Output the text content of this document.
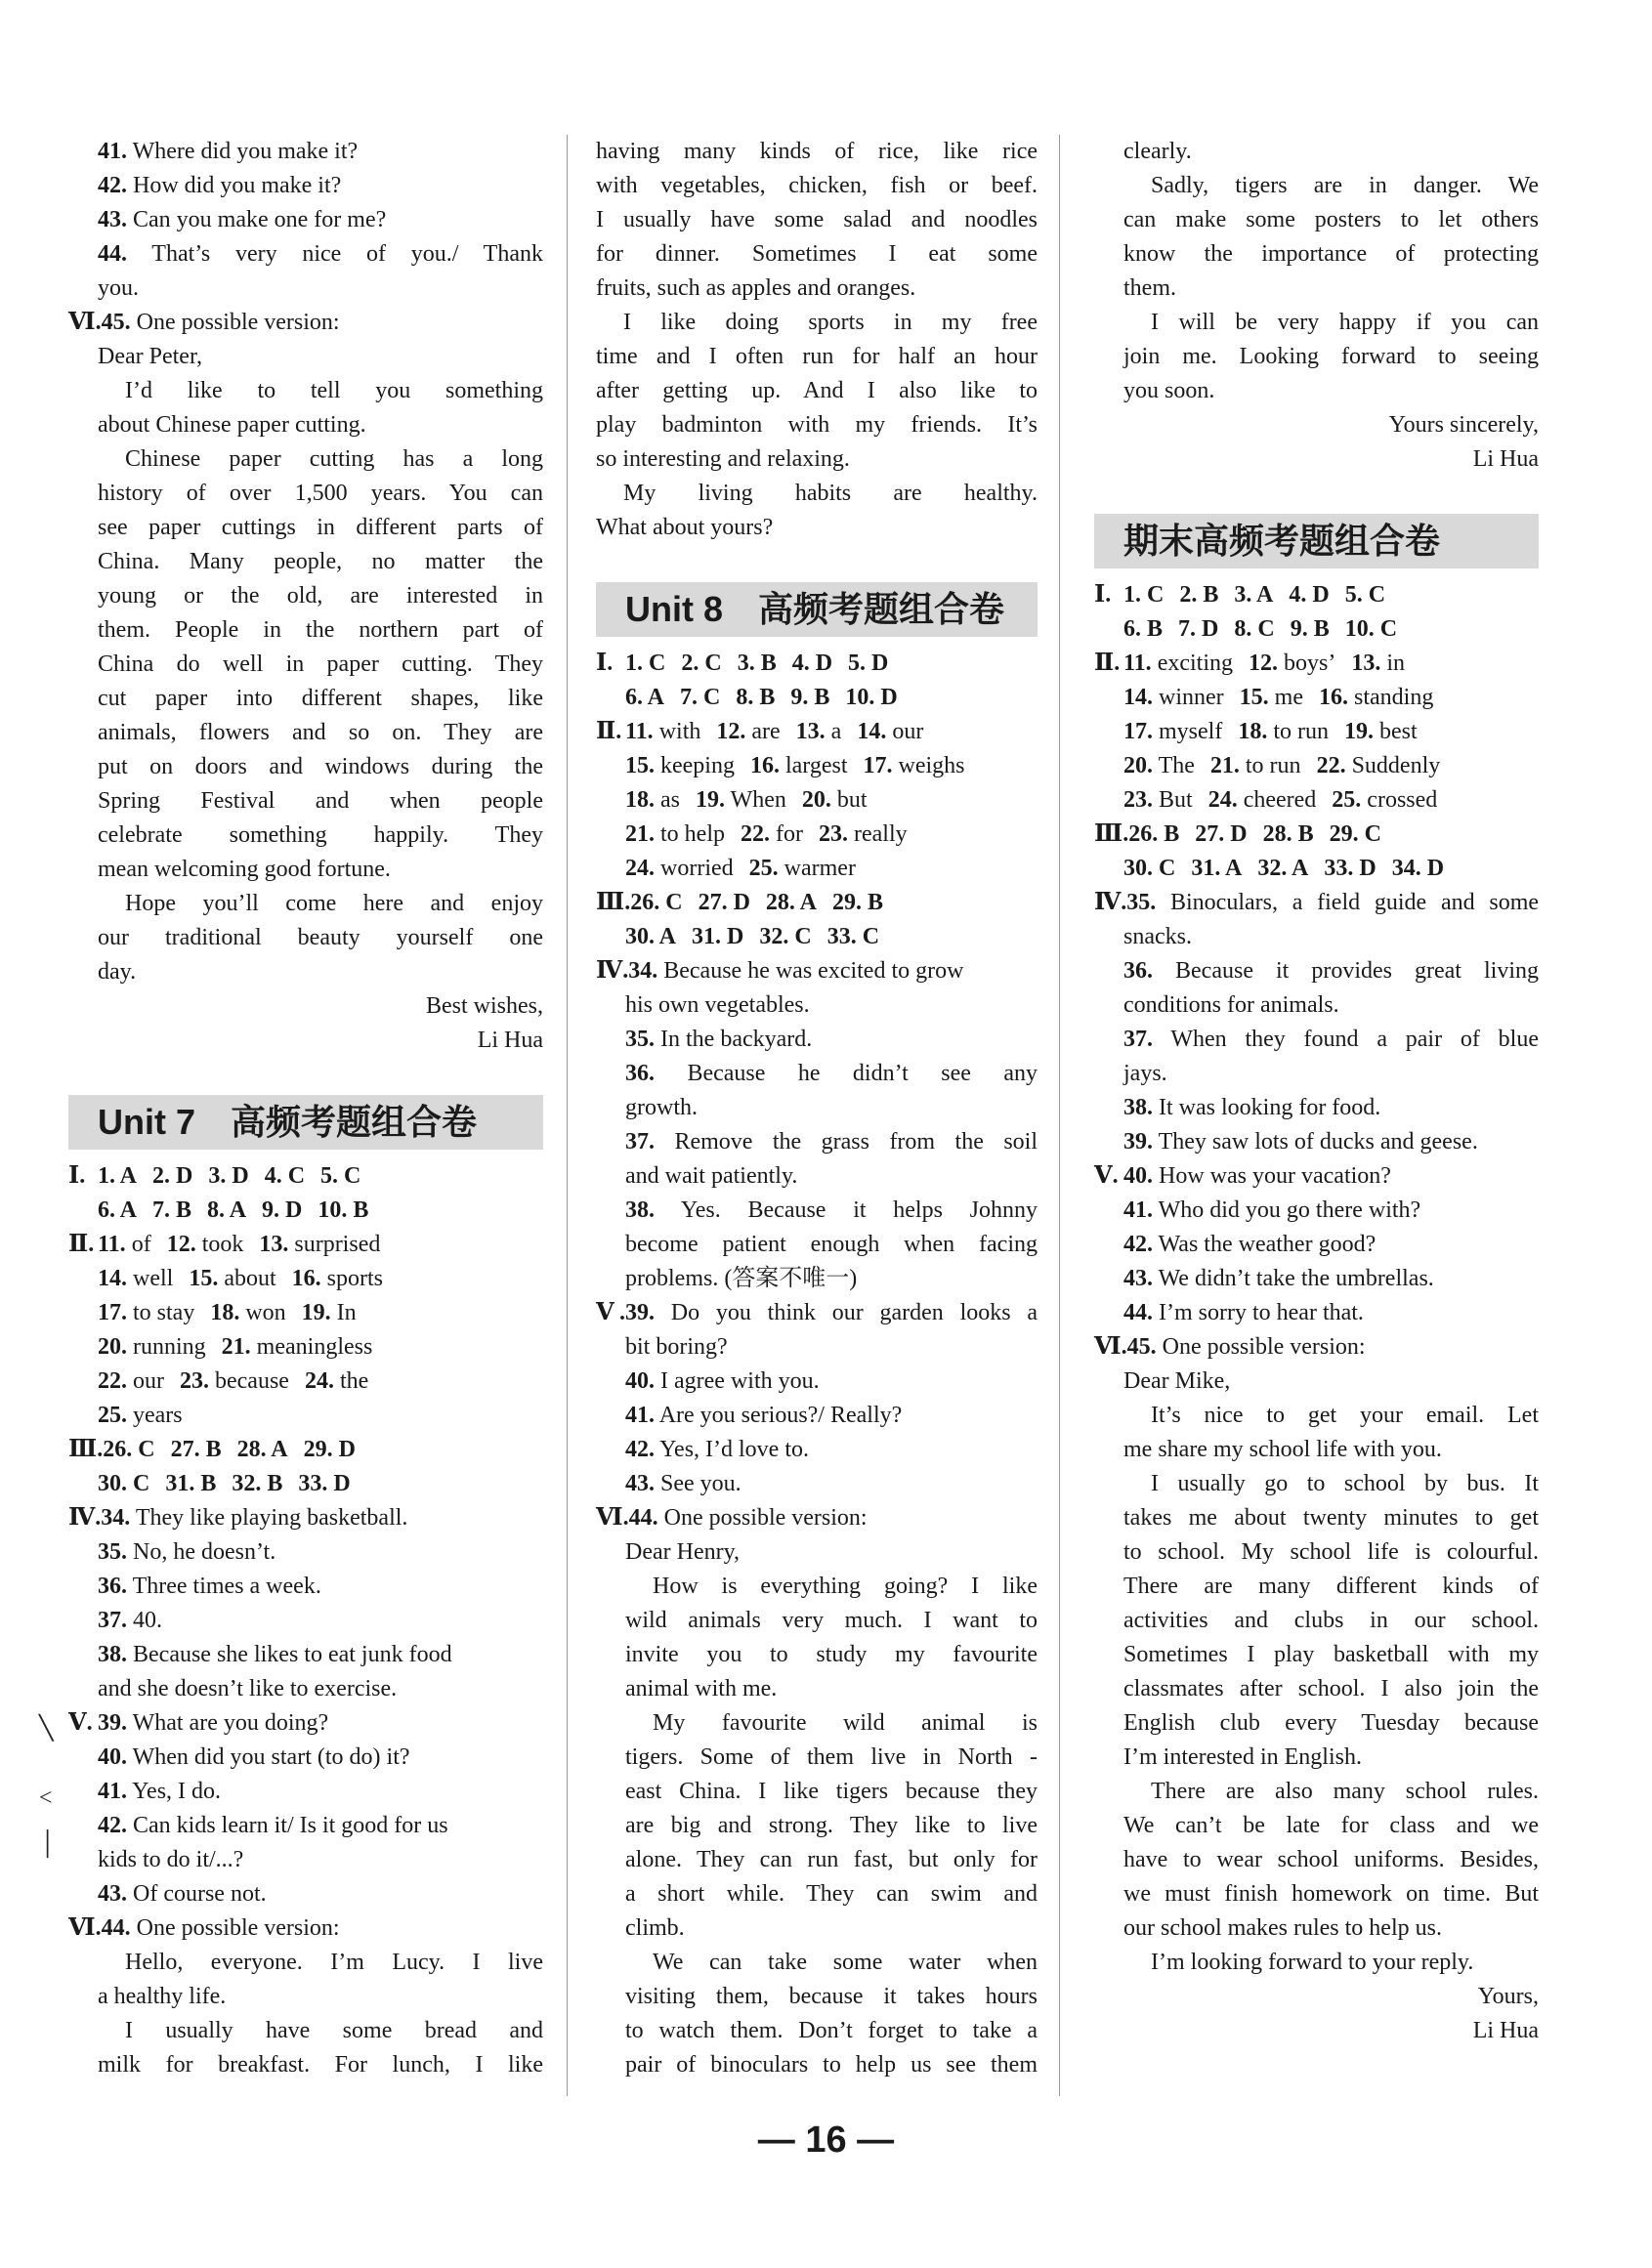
41. Where did you make it?
42. How did you make it?
43. Can you make one for me?
44. That’s very nice of you./ Thank
you.
Ⅵ.45. One possible version:
Dear Peter,
I’d like to tell you something
about Chinese paper cutting.
Chinese paper cutting has a long
history of over 1,500 years. You can
see paper cuttings in different parts of
China. Many people, no matter the
young or the old, are interested in
them. People in the northern part of
China do well in paper cutting. They
cut paper into different shapes, like
animals, flowers and so on. They are
put on doors and windows during the
Spring Festival and when people
celebrate something happily. They
mean welcoming good fortune.
Hope you’ll come here and enjoy
our traditional beauty yourself one
day.
Best wishes,
Li Hua
Unit 7　高频考题组合卷
Ⅰ. 1. A 2. D 3. D 4. C 5. C
6. A 7. B 8. A 9. D 10. B
Ⅱ. 11. of 12. took 13. surprised
14. well 15. about 16. sports
17. to stay 18. won 19. In
20. running 21. meaningless
22. our 23. because 24. the
25. years
Ⅲ.26. C 27. B 28. A 29. D
30. C 31. B 32. B 33. D
Ⅳ.34. They like playing basketball.
35. No, he doesn’t.
36. Three times a week.
37. 40.
38. Because she likes to eat junk food
and she doesn’t like to exercise.
Ⅴ. 39. What are you doing?
40. When did you start (to do) it?
41. Yes, I do.
42. Can kids learn it/ Is it good for us
kids to do it/...?
43. Of course not.
Ⅵ.44. One possible version:
Hello, everyone. I’m Lucy. I live
a healthy life.
I usually have some bread and
milk for breakfast. For lunch, I like
having many kinds of rice, like rice
with vegetables, chicken, fish or beef.
I usually have some salad and noodles
for dinner. Sometimes I eat some
fruits, such as apples and oranges.
I like doing sports in my free
time and I often run for half an hour
after getting up. And I also like to
play badminton with my friends. It’s
so interesting and relaxing.
My living habits are healthy.
What about yours?
Unit 8　高频考题组合卷
Ⅰ. 1. C 2. C 3. B 4. D 5. D
6. A 7. C 8. B 9. B 10. D
Ⅱ. 11. with 12. are 13. a 14. our
15. keeping 16. largest 17. weighs
18. as 19. When 20. but
21. to help 22. for 23. really
24. worried 25. warmer
Ⅲ.26. C 27. D 28. A 29. B
30. A 31. D 32. C 33. C
Ⅳ.34. Because he was excited to grow
his own vegetables.
35. In the backyard.
36. Because he didn’t see any
growth.
37. Remove the grass from the soil
and wait patiently.
38. Yes. Because it helps Johnny
become patient enough when facing
problems. (答案不唯一)
Ⅴ.39. Do you think our garden looks a
bit boring?
40. I agree with you.
41. Are you serious?/ Really?
42. Yes, I’d love to.
43. See you.
Ⅵ.44. One possible version:
Dear Henry,
How is everything going? I like
wild animals very much. I want to
invite you to study my favourite
animal with me.
My favourite wild animal is
tigers. Some of them live in North -
east China. I like tigers because they
are big and strong. They like to live
alone. They can run fast, but only for
a short while. They can swim and
climb.
We can take some water when
visiting them, because it takes hours
to watch them. Don’t forget to take a
pair of binoculars to help us see them
clearly.
Sadly, tigers are in danger. We
can make some posters to let others
know the importance of protecting
them.
I will be very happy if you can
join me. Looking forward to seeing
you soon.
Yours sincerely,
Li Hua
期末高频考题组合卷
Ⅰ. 1. C 2. B 3. A 4. D 5. C
6. B 7. D 8. C 9. B 10. C
Ⅱ. 11. exciting 12. boys’ 13. in
14. winner 15. me 16. standing
17. myself 18. to run 19. best
20. The 21. to run 22. Suddenly
23. But 24. cheered 25. crossed
Ⅲ.26. B 27. D 28. B 29. C
30. C 31. A 32. A 33. D 34. D
Ⅳ.35. Binoculars, a field guide and some
snacks.
36. Because it provides great living
conditions for animals.
37. When they found a pair of blue
jays.
38. It was looking for food.
39. They saw lots of ducks and geese.
Ⅴ. 40. How was your vacation?
41. Who did you go there with?
42. Was the weather good?
43. We didn’t take the umbrellas.
44. I’m sorry to hear that.
Ⅵ.45. One possible version:
Dear Mike,
It’s nice to get your email. Let
me share my school life with you.
I usually go to school by bus. It
takes me about twenty minutes to get
to school. My school life is colourful.
There are many different kinds of
activities and clubs in our school.
Sometimes I play basketball with my
classmates after school. I also join the
English club every Tuesday because
I’m interested in English.
There are also many school rules.
We can’t be late for class and we
have to wear school uniforms. Besides,
we must finish homework on time. But
our school makes rules to help us.
I’m looking forward to your reply.
Yours,
Li Hua
╲
˂
│
— 16 —
